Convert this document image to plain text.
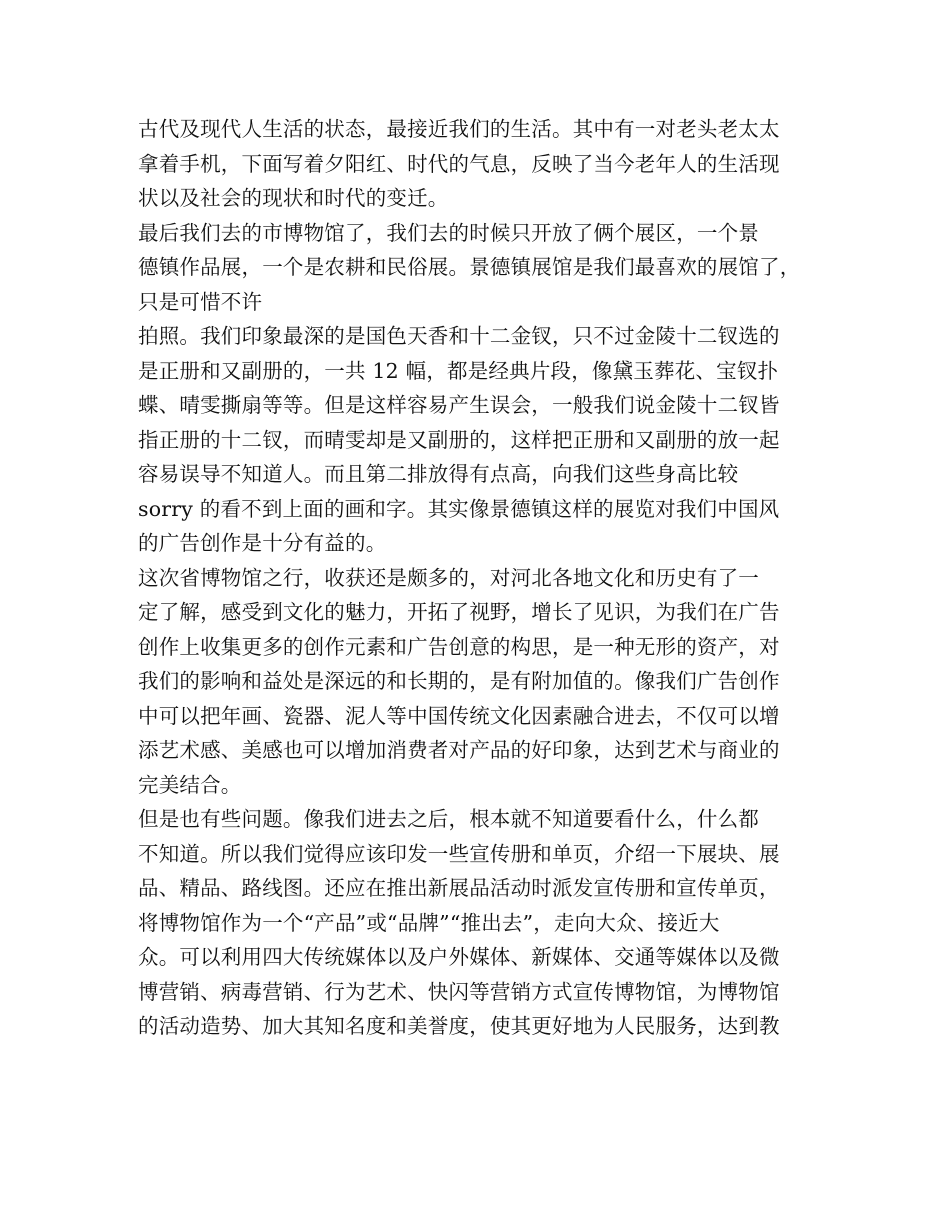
古代及现代人生活的状态，最接近我们的生活。其中有一对老头老太太
拿着手机，下面写着夕阳红、时代的气息，反映了当今老年人的生活现
状以及社会的现状和时代的变迁。
最后我们去的市博物馆了，我们去的时候只开放了俩个展区，一个景
德镇作品展，一个是农耕和民俗展。景德镇展馆是我们最喜欢的展馆了，
只是可惜不许
拍照。我们印象最深的是国色天香和十二金钗，只不过金陵十二钗选的
是正册和又副册的，一共 12 幅，都是经典片段，像黛玉葬花、宝钗扑
蝶、晴雯撕扇等等。但是这样容易产生误会，一般我们说金陵十二钗皆
指正册的十二钗，而晴雯却是又副册的，这样把正册和又副册的放一起
容易误导不知道人。而且第二排放得有点高，向我们这些身高比较
sorry 的看不到上面的画和字。其实像景德镇这样的展览对我们中国风
的广告创作是十分有益的。
这次省博物馆之行，收获还是颇多的，对河北各地文化和历史有了一
定了解，感受到文化的魅力，开拓了视野，增长了见识，为我们在广告
创作上收集更多的创作元素和广告创意的构思，是一种无形的资产，对
我们的影响和益处是深远的和长期的，是有附加值的。像我们广告创作
中可以把年画、瓷器、泥人等中国传统文化因素融合进去，不仅可以增
添艺术感、美感也可以增加消费者对产品的好印象，达到艺术与商业的
完美结合。
但是也有些问题。像我们进去之后，根本就不知道要看什么，什么都
不知道。所以我们觉得应该印发一些宣传册和单页，介绍一下展块、展
品、精品、路线图。还应在推出新展品活动时派发宣传册和宣传单页，
将博物馆作为一个“产品”或“品牌”“推出去”，走向大众、接近大
众。可以利用四大传统媒体以及户外媒体、新媒体、交通等媒体以及微
博营销、病毒营销、行为艺术、快闪等营销方式宣传博物馆，为博物馆
的活动造势、加大其知名度和美誉度，使其更好地为人民服务，达到教
